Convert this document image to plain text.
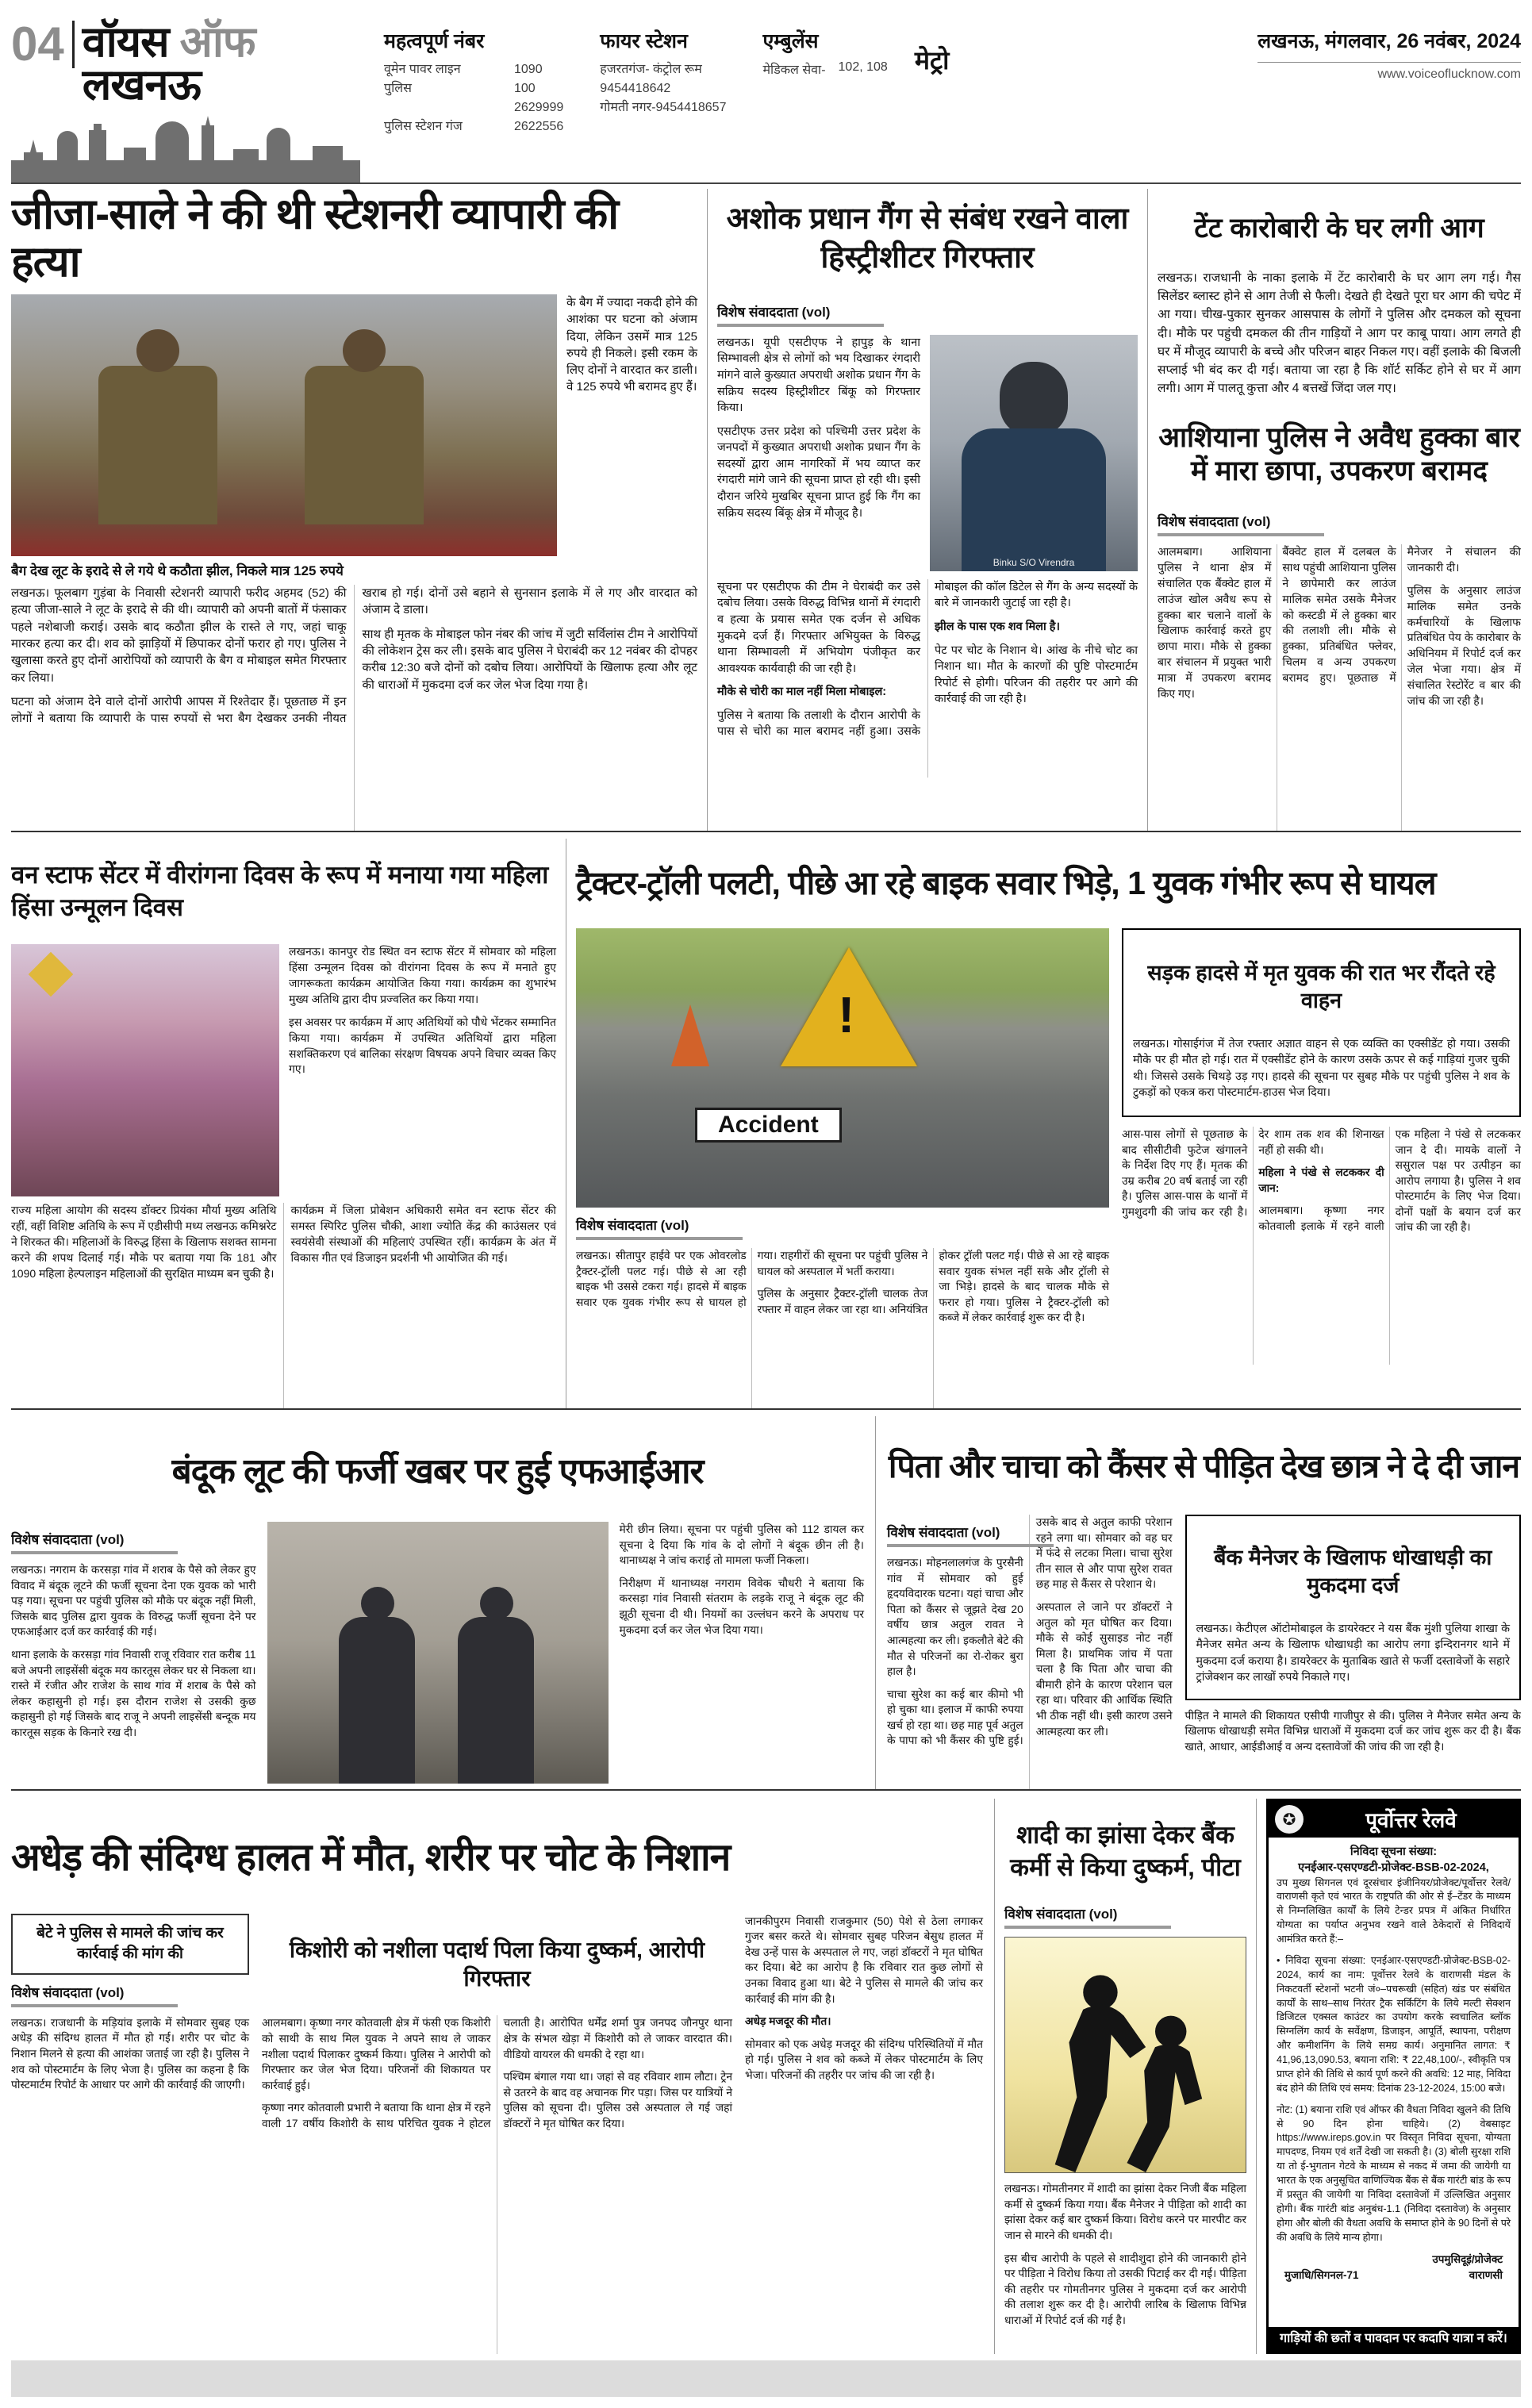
04 वॉयस ऑफ लखनऊ
महत्वपूर्ण नंबर
वूमेन पावर लाइन	1090
पुलिस	100
2629999
पुलिस स्टेशन गंज	2622556
फायर स्टेशन
हजरतगंज- कंट्रोल रूम
9454418642
गोमती नगर-9454418657
एम्बुलेंस
मेडिकल सेवा- 102, 108 मेट्रो
लखनऊ, मंगलवार, 26 नवंबर, 2024
www.voiceoflucknow.com
जीजा-साले ने की थी स्टेशनरी व्यापारी की हत्या

के बैग में ज्यादा नकदी होने की आशंका पर घटना को अंजाम दिया, लेकिन उसमें मात्र 125 रुपये ही निकले। इसी रकम के लिए दोनों ने वारदात कर डाली। वे 125 रुपये भी बरामद हुए हैं।

बैग देख लूट के इरादे से ले गये थे कठौता झील, निकले मात्र 125 रुपये

लखनऊ। फूलबाग गुड़ंबा के निवासी स्टेशनरी व्यापारी फरीद अहमद (52) की हत्या जीजा-साले ने लूट के इरादे से की थी। व्यापारी को अपनी बातों में फंसाकर पहले नशेबाजी कराई। उसके बाद कठौता झील के रास्ते ले गए, जहां चाकू मारकर हत्या कर दी। शव को झाड़ियों में छिपाकर दोनों फरार हो गए। पुलिस ने खुलासा करते हुए दोनों आरोपियों को व्यापारी के बैग व मोबाइल समेत गिरफ्तार कर लिया।

घटना को अंजाम देने वाले दोनों आरोपी आपस में रिश्तेदार हैं। पूछताछ में इन लोगों ने बताया कि व्यापारी के पास रुपयों से भरा बैग देखकर उनकी नीयत खराब हो गई। दोनों उसे बहाने से सुनसान इलाके में ले गए और वारदात को अंजाम दे डाला।

साथ ही मृतक के मोबाइल फोन नंबर की जांच में जुटी सर्विलांस टीम ने आरोपियों की लोकेशन ट्रेस कर ली। इसके बाद पुलिस ने घेराबंदी कर 12 नवंबर की दोपहर करीब 12:30 बजे दोनों को दबोच लिया। आरोपियों के खिलाफ हत्या और लूट की धाराओं में मुकदमा दर्ज कर जेल भेज दिया गया है।

अशोक प्रधान गैंग से संबंध रखने वाला हिस्ट्रीशीटर गिरफ्तार
विशेष संवाददाता (vol)

लखनऊ। यूपी एसटीएफ ने हापुड़ के थाना सिम्भावली क्षेत्र से लोगों को भय दिखाकर रंगदारी मांगने वाले कुख्यात अपराधी अशोक प्रधान गैंग के सक्रिय सदस्य हिस्ट्रीशीटर बिंकू को गिरफ्तार किया।

एसटीएफ उत्तर प्रदेश को पश्चिमी उत्तर प्रदेश के जनपदों में कुख्यात अपराधी अशोक प्रधान गैंग के सदस्यों द्वारा आम नागरिकों में भय व्याप्त कर रंगदारी मांगे जाने की सूचना प्राप्त हो रही थी। इसी दौरान जरिये मुखबिर सूचना प्राप्त हुई कि गैंग का सक्रिय सदस्य बिंकू क्षेत्र में मौजूद है।

Binku S/O Virendra

सूचना पर एसटीएफ की टीम ने घेराबंदी कर उसे दबोच लिया। उसके विरुद्ध विभिन्न थानों में रंगदारी व हत्या के प्रयास समेत एक दर्जन से अधिक मुकदमे दर्ज हैं। गिरफ्तार अभियुक्त के विरुद्ध थाना सिम्भावली में अभियोग पंजीकृत कर आवश्यक कार्यवाही की जा रही है।

मौके से चोरी का माल नहीं मिला मोबाइल:

पुलिस ने बताया कि तलाशी के दौरान आरोपी के पास से चोरी का माल बरामद नहीं हुआ। उसके मोबाइल की कॉल डिटेल से गैंग के अन्य सदस्यों के बारे में जानकारी जुटाई जा रही है।

झील के पास एक शव मिला है।

पेट पर चोट के निशान थे। आंख के नीचे चोट का निशान था। मौत के कारणों की पुष्टि पोस्टमार्टम रिपोर्ट से होगी। परिजन की तहरीर पर आगे की कार्रवाई की जा रही है।

टेंट कारोबारी के घर लगी आग

लखनऊ। राजधानी के नाका इलाके में टेंट कारोबारी के घर आग लग गई। गैस सिलेंडर ब्लास्ट होने से आग तेजी से फैली। देखते ही देखते पूरा घर आग की चपेट में आ गया। चीख-पुकार सुनकर आसपास के लोगों ने पुलिस और दमकल को सूचना दी। मौके पर पहुंची दमकल की तीन गाड़ियों ने आग पर काबू पाया। आग लगते ही घर में मौजूद व्यापारी के बच्चे और परिजन बाहर निकल गए। वहीं इलाके की बिजली सप्लाई भी बंद कर दी गई। बताया जा रहा है कि शॉर्ट सर्किट होने से घर में आग लगी। आग में पालतू कुत्ता और 4 बत्तखें जिंदा जल गए।

आशियाना पुलिस ने अवैध हुक्का बार में मारा छापा, उपकरण बरामद
विशेष संवाददाता (vol)

आलमबाग। आशियाना पुलिस ने थाना क्षेत्र में संचालित एक बैंक्वेट हाल में लाउंज खोल अवैध रूप से हुक्का बार चलाने वालों के खिलाफ कार्रवाई करते हुए छापा मारा। मौके से हुक्का बार संचालन में प्रयुक्त भारी मात्रा में उपकरण बरामद किए गए।

बैंक्वेट हाल में दलबल के साथ पहुंची आशियाना पुलिस ने छापेमारी कर लाउंज मालिक समेत उसके मैनेजर को कस्टडी में ले हुक्का बार की तलाशी ली। मौके से हुक्का, प्रतिबंधित फ्लेवर, चिलम व अन्य उपकरण बरामद हुए। पूछताछ में मैनेजर ने संचालन की जानकारी दी।

पुलिस के अनुसार लाउंज मालिक समेत उनके कर्मचारियों के खिलाफ प्रतिबंधित पेय के कारोबार के अधिनियम में रिपोर्ट दर्ज कर जेल भेजा गया। क्षेत्र में संचालित रेस्टोरेंट व बार की जांच की जा रही है।

वन स्टाफ सेंटर में वीरांगना दिवस के रूप में मनाया गया महिला हिंसा उन्मूलन दिवस

लखनऊ। कानपुर रोड स्थित वन स्टाफ सेंटर में सोमवार को महिला हिंसा उन्मूलन दिवस को वीरांगना दिवस के रूप में मनाते हुए जागरूकता कार्यक्रम आयोजित किया गया। कार्यक्रम का शुभारंभ मुख्य अतिथि द्वारा दीप प्रज्वलित कर किया गया।

इस अवसर पर कार्यक्रम में आए अतिथियों को पौधे भेंटकर सम्मानित किया गया। कार्यक्रम में उपस्थित अतिथियों द्वारा महिला सशक्तिकरण एवं बालिका संरक्षण विषयक अपने विचार व्यक्त किए गए।

राज्य महिला आयोग की सदस्य डॉक्टर प्रियंका मौर्या मुख्य अतिथि रहीं, वहीं विशिष्ट अतिथि के रूप में एडीसीपी मध्य लखनऊ कमिश्नरेट ने शिरकत की। महिलाओं के विरुद्ध हिंसा के खिलाफ सशक्त सामना करने की शपथ दिलाई गई। मौके पर बताया गया कि 181 और 1090 महिला हेल्पलाइन महिलाओं की सुरक्षित माध्यम बन चुकी है।

कार्यक्रम में जिला प्रोबेशन अधिकारी समेत वन स्टाफ सेंटर की समस्त स्पिरिट पुलिस चौकी, आशा ज्योति केंद्र की काउंसलर एवं स्वयंसेवी संस्थाओं की महिलाएं उपस्थित रहीं। कार्यक्रम के अंत में विकास गीत एवं डिजाइन प्रदर्शनी भी आयोजित की गई।

ट्रैक्टर-ट्रॉली पलटी, पीछे आ रहे बाइक सवार भिड़े, 1 युवक गंभीर रूप से घायल
!
Accident
विशेष संवाददाता (vol)

लखनऊ। सीतापुर हाईवे पर एक ओवरलोड ट्रैक्टर-ट्रॉली पलट गई। पीछे से आ रही बाइक भी उससे टकरा गई। हादसे में बाइक सवार एक युवक गंभीर रूप से घायल हो गया। राहगीरों की सूचना पर पहुंची पुलिस ने घायल को अस्पताल में भर्ती कराया।

पुलिस के अनुसार ट्रैक्टर-ट्रॉली चालक तेज रफ्तार में वाहन लेकर जा रहा था। अनियंत्रित होकर ट्रॉली पलट गई। पीछे से आ रहे बाइक सवार युवक संभल नहीं सके और ट्रॉली से जा भिड़े। हादसे के बाद चालक मौके से फरार हो गया। पुलिस ने ट्रैक्टर-ट्रॉली को कब्जे में लेकर कार्रवाई शुरू कर दी है।

सड़क हादसे में मृत युवक की रात भर रौंदते रहे वाहन

लखनऊ। गोसाईगंज में तेज रफ्तार अज्ञात वाहन से एक व्यक्ति का एक्सीडेंट हो गया। उसकी मौके पर ही मौत हो गई। रात में एक्सीडेंट होने के कारण उसके ऊपर से कई गाड़ियां गुजर चुकी थी। जिससे उसके चिथड़े उड़ गए। हादसे की सूचना पर सुबह मौके पर पहुंची पुलिस ने शव के टुकड़ों को एकत्र करा पोस्टमार्टम-हाउस भेज दिया।

आस-पास लोगों से पूछताछ के बाद सीसीटीवी फुटेज खंगालने के निर्देश दिए गए हैं। मृतक की उम्र करीब 20 वर्ष बताई जा रही है। पुलिस आस-पास के थानों में गुमशुदगी की जांच कर रही है। देर शाम तक शव की शिनाख्त नहीं हो सकी थी।

महिला ने पंखे से लटककर दी जान:

आलमबाग। कृष्णा नगर कोतवाली इलाके में रहने वाली एक महिला ने पंखे से लटककर जान दे दी। मायके वालों ने ससुराल पक्ष पर उत्पीड़न का आरोप लगाया है। पुलिस ने शव पोस्टमार्टम के लिए भेज दिया। दोनों पक्षों के बयान दर्ज कर जांच की जा रही है।

बंदूक लूट की फर्जी खबर पर हुई एफआईआर
विशेष संवाददाता (vol)

लखनऊ। नगराम के करसड़ा गांव में शराब के पैसे को लेकर हुए विवाद में बंदूक लूटने की फर्जी सूचना देना एक युवक को भारी पड़ गया। सूचना पर पहुंची पुलिस को मौके पर बंदूक नहीं मिली, जिसके बाद पुलिस द्वारा युवक के विरुद्ध फर्जी सूचना देने पर एफआईआर दर्ज कर कार्रवाई की गई।

थाना इलाके के करसड़ा गांव निवासी राजू रविवार रात करीब 11 बजे अपनी लाइसेंसी बंदूक मय कारतूस लेकर घर से निकला था। रास्ते में रंजीत और राजेश के साथ गांव में शराब के पैसे को लेकर कहासुनी हो गई। इस दौरान राजेश से उसकी कुछ कहासुनी हो गई जिसके बाद राजू ने अपनी लाइसेंसी बन्दूक मय कारतूस सड़क के किनारे रख दी।

मेरी छीन लिया। सूचना पर पहुंची पुलिस को 112 डायल कर सूचना दे दिया कि गांव के दो लोगों ने बंदूक छीन ली है। थानाध्यक्ष ने जांच कराई तो मामला फर्जी निकला।

निरीक्षण में थानाध्यक्ष नगराम विवेक चौधरी ने बताया कि करसड़ा गांव निवासी संतराम के लड़के राजू ने बंदूक लूट की झूठी सूचना दी थी। नियमों का उल्लंघन करने के अपराध पर मुकदमा दर्ज कर जेल भेज दिया गया।

पिता और चाचा को कैंसर से पीड़ित देख छात्र ने दे दी जान
विशेष संवाददाता (vol)

लखनऊ। मोहनलालगंज के पुरसैनी गांव में सोमवार को हुई हृदयविदारक घटना। यहां चाचा और पिता को कैंसर से जूझते देख 20 वर्षीय छात्र अतुल रावत ने आत्महत्या कर ली। इकलौते बेटे की मौत से परिजनों का रो-रोकर बुरा हाल है।

चाचा सुरेश का कई बार कीमो भी हो चुका था। इलाज में काफी रुपया खर्च हो रहा था। छह माह पूर्व अतुल के पापा को भी कैंसर की पुष्टि हुई। उसके बाद से अतुल काफी परेशान रहने लगा था। सोमवार को वह घर में फंदे से लटका मिला। चाचा सुरेश तीन साल से और पापा सुरेश रावत छह माह से कैंसर से परेशान थे।

अस्पताल ले जाने पर डॉक्टरों ने अतुल को मृत घोषित कर दिया। मौके से कोई सुसाइड नोट नहीं मिला है। प्राथमिक जांच में पता चला है कि पिता और चाचा की बीमारी होने के कारण परेशान चल रहा था। परिवार की आर्थिक स्थिति भी ठीक नहीं थी। इसी कारण उसने आत्महत्या कर ली।

बैंक मैनेजर के खिलाफ धोखाधड़ी का मुकदमा दर्ज

लखनऊ। केटीएल ऑटोमोबाइल के डायरेक्टर ने यस बैंक मुंशी पुलिया शाखा के मैनेजर समेत अन्य के खिलाफ धोखाधड़ी का आरोप लगा इन्दिरानगर थाने में मुकदमा दर्ज कराया है। डायरेक्टर के मुताबिक खाते से फर्जी दस्तावेजों के सहारे ट्रांजेक्शन कर लाखों रुपये निकाले गए।

पीड़ित ने मामले की शिकायत एसीपी गाजीपुर से की। पुलिस ने मैनेजर समेत अन्य के खिलाफ धोखाधड़ी समेत विभिन्न धाराओं में मुकदमा दर्ज कर जांच शुरू कर दी है। बैंक खाते, आधार, आईडीआई व अन्य दस्तावेजों की जांच की जा रही है।

अधेड़ की संदिग्ध हालत में मौत, शरीर पर चोट के निशान
बेटे ने पुलिस से मामले की जांच कर कार्रवाई की मांग की
विशेष संवाददाता (vol)

लखनऊ। राजधानी के मड़ियांव इलाके में सोमवार सुबह एक अधेड़ की संदिग्ध हालत में मौत हो गई। शरीर पर चोट के निशान मिलने से हत्या की आशंका जताई जा रही है। पुलिस ने शव को पोस्टमार्टम के लिए भेजा है। पुलिस का कहना है कि पोस्टमार्टम रिपोर्ट के आधार पर आगे की कार्रवाई की जाएगी।

किशोरी को नशीला पदार्थ पिला किया दुष्कर्म, आरोपी गिरफ्तार

आलमबाग। कृष्णा नगर कोतवाली क्षेत्र में फंसी एक किशोरी को साथी के साथ मिल युवक ने अपने साथ ले जाकर नशीला पदार्थ पिलाकर दुष्कर्म किया। पुलिस ने आरोपी को गिरफ्तार कर जेल भेज दिया। परिजनों की शिकायत पर कार्रवाई हुई।

कृष्णा नगर कोतवाली प्रभारी ने बताया कि थाना क्षेत्र में रहने वाली 17 वर्षीय किशोरी के साथ परिचित युवक ने होटल चलाती है। आरोपित धर्मेंद्र शर्मा पुत्र जनपद जौनपुर थाना क्षेत्र के संभल खेड़ा में किशोरी को ले जाकर वारदात की। वीडियो वायरल की धमकी दे रहा था।

पश्चिम बंगाल गया था। जहां से वह रविवार शाम लौटा। ट्रेन से उतरने के बाद वह अचानक गिर पड़ा। जिस पर यात्रियों ने पुलिस को सूचना दी। पुलिस उसे अस्पताल ले गई जहां डॉक्टरों ने मृत घोषित कर दिया।

जानकीपुरम निवासी राजकुमार (50) पेशे से ठेला लगाकर गुजर बसर करते थे। सोमवार सुबह परिजन बेसुध हालत में देख उन्हें पास के अस्पताल ले गए, जहां डॉक्टरों ने मृत घोषित कर दिया। बेटे का आरोप है कि रविवार रात कुछ लोगों से उनका विवाद हुआ था। बेटे ने पुलिस से मामले की जांच कर कार्रवाई की मांग की है।

अधेड़ मजदूर की मौत।

सोमवार को एक अधेड़ मजदूर की संदिग्ध परिस्थितियों में मौत हो गई। पुलिस ने शव को कब्जे में लेकर पोस्टमार्टम के लिए भेजा। परिजनों की तहरीर पर जांच की जा रही है।

शादी का झांसा देकर बैंक कर्मी से किया दुष्कर्म, पीटा
विशेष संवाददाता (vol)

लखनऊ। गोमतीनगर में शादी का झांसा देकर निजी बैंक महिला कर्मी से दुष्कर्म किया गया। बैंक मैनेजर ने पीड़िता को शादी का झांसा देकर कई बार दुष्कर्म किया। विरोध करने पर मारपीट कर जान से मारने की धमकी दी।

इस बीच आरोपी के पहले से शादीशुदा होने की जानकारी होने पर पीड़िता ने विरोध किया तो उसकी पिटाई कर दी गई। पीड़िता की तहरीर पर गोमतीनगर पुलिस ने मुकदमा दर्ज कर आरोपी की तलाश शुरू कर दी है। आरोपी लारिब के खिलाफ विभिन्न धाराओं में रिपोर्ट दर्ज की गई है।

✪	पूर्वोत्तर रेलवे
निविदा सूचना संख्या:
एनईआर-एसएण्डटी-प्रोजेक्ट-BSB-02-2024,

उप मुख्य सिगनल एवं दूरसंचार इंजीनियर/प्रोजेक्ट/पूर्वोत्तर रेलवे/वाराणसी कृते एवं भारत के राष्ट्रपति की ओर से ई–टेंडर के माध्यम से निम्नलिखित कार्यों के लिये टेन्डर प्रपत्र में अंकित निर्धारित योग्यता का पर्याप्त अनुभव रखने वाले ठेकेदारों से निविदायें आमंत्रित करते हैं:–

• निविदा सूचना संख्या: एनईआर-एसएण्डटी-प्रोजेक्ट-BSB-02-2024, कार्य का नाम: पूर्वोत्तर रेलवे के वाराणसी मंडल के निकटवर्ती स्टेशनों भटनी जं०–पचरूखी (सहित) खंड पर संबंधित कार्यों के साथ–साथ निरंतर ट्रैक सर्किटिंग के लिये मल्टी सेक्शन डिजिटल एक्सल काउंटर का उपयोग करके स्वचालित ब्लॉक सिग्नलिंग कार्य के सर्वेक्षण, डिजाइन, आपूर्ति, स्थापना, परीक्षण और कमीशनिंग के लिये समग्र कार्य। अनुमानित लागत: ₹ 41,96,13,090.53, बयाना राशि: ₹ 22,48,100/-, स्वीकृति पत्र प्राप्त होने की तिथि से कार्य पूर्ण करने की अवधि: 12 माह, निविदा बंद होने की तिथि एवं समय: दिनांक 23-12-2024, 15:00 बजे।

नोट: (1) बयाना राशि एवं ऑफर की वैधता निविदा खुलने की तिथि से 90 दिन होना चाहिये। (2) वेबसाइट https://www.ireps.gov.in पर विस्तृत निविदा सूचना, योग्यता मापदण्ड, नियम एवं शर्तें देखी जा सकती है। (3) बोली सुरक्षा राशि या तो ई-भुगतान गेटवे के माध्यम से नकद में जमा की जायेगी या भारत के एक अनुसूचित वाणिज्यिक बैंक से बैंक गारंटी बांड के रूप में प्रस्तुत की जायेगी या निविदा दस्तावेजों में उल्लिखित अनुसार होगी। बैंक गारंटी बांड अनुबंध-1.1 (निविदा दस्तावेज) के अनुसार होगा और बोली की वैधता अवधि के समाप्त होने के 90 दिनों से परे की अवधि के लिये मान्य होगा।

उपमुसिदूइं/प्रोजेक्ट
मुजाधि/सिगनल-71	वाराणसी
गाड़ियों की छतों व पावदान पर कदापि यात्रा न करें।
